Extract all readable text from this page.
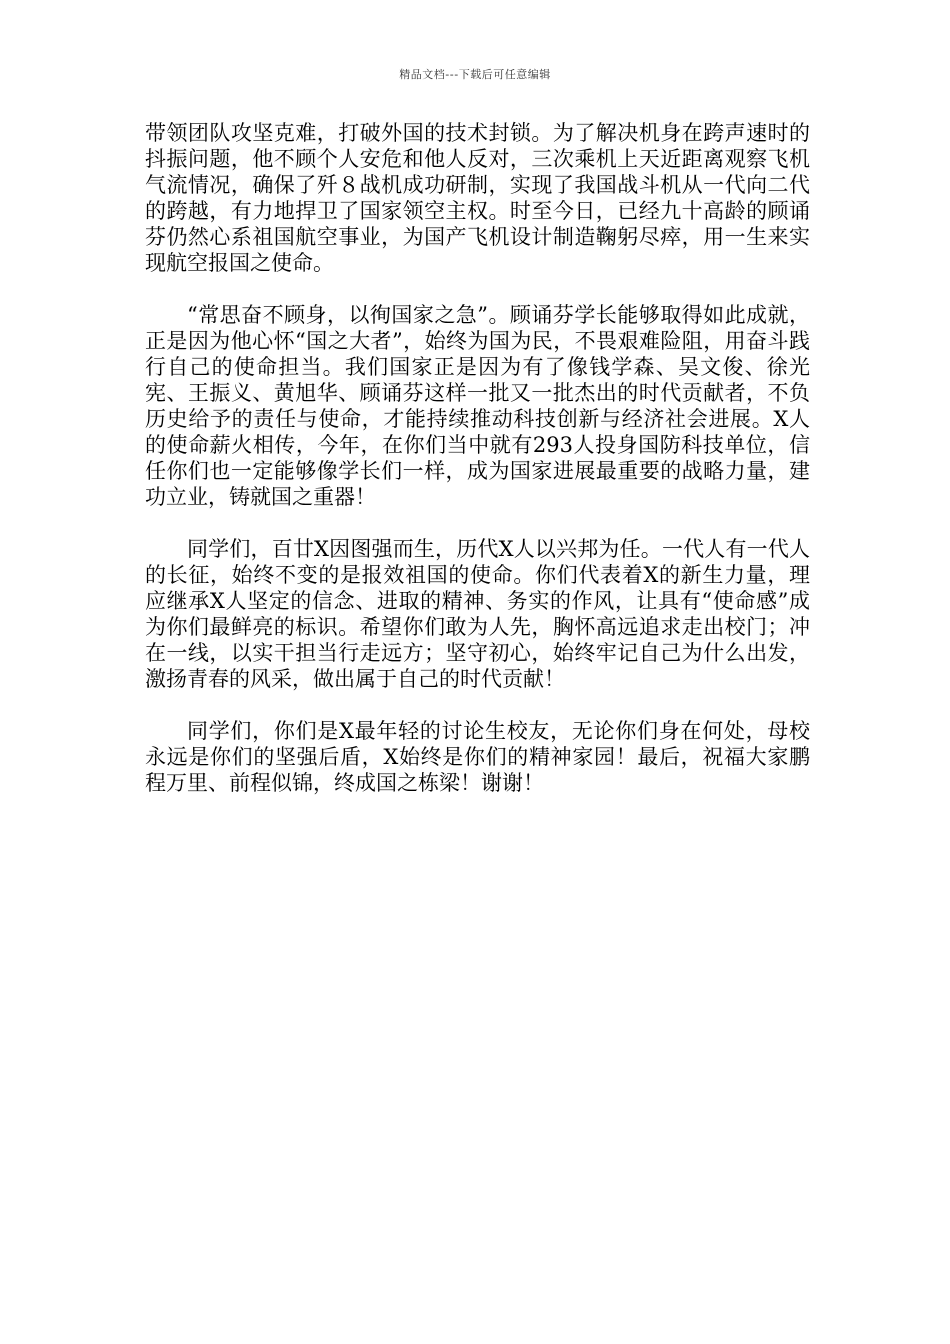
精品文档---下载后可任意编辑

带领团队攻坚克难，打破外国的技术封锁。为了解决机身在跨声速时的抖振问题，他不顾个人安危和他人反对，三次乘机上天近距离观察飞机气流情况，确保了歼８战机成功研制，实现了我国战斗机从一代向二代的跨越，有力地捍卫了国家领空主权。时至今日，已经九十高龄的顾诵芬仍然心系祖国航空事业，为国产飞机设计制造鞠躬尽瘁，用一生来实现航空报国之使命。

“常思奋不顾身，以徇国家之急”。顾诵芬学长能够取得如此成就，正是因为他心怀“国之大者”，始终为国为民，不畏艰难险阻，用奋斗践行自己的使命担当。我们国家正是因为有了像钱学森、吴文俊、徐光宪、王振义、黄旭华、顾诵芬这样一批又一批杰出的时代贡献者，不负历史给予的责任与使命，才能持续推动科技创新与经济社会进展。X人的使命薪火相传，今年，在你们当中就有293人投身国防科技单位，信任你们也一定能够像学长们一样，成为国家进展最重要的战略力量，建功立业，铸就国之重器！

同学们，百廿X因图强而生，历代X人以兴邦为任。一代人有一代人的长征，始终不变的是报效祖国的使命。你们代表着X的新生力量，理应继承X人坚定的信念、进取的精神、务实的作风，让具有“使命感”成为你们最鲜亮的标识。希望你们敢为人先，胸怀高远追求走出校门；冲在一线，以实干担当行走远方；坚守初心，始终牢记自己为什么出发，激扬青春的风采，做出属于自己的时代贡献！

同学们，你们是X最年轻的讨论生校友，无论你们身在何处，母校永远是你们的坚强后盾，X始终是你们的精神家园！最后，祝福大家鹏程万里、前程似锦，终成国之栋梁！谢谢！
